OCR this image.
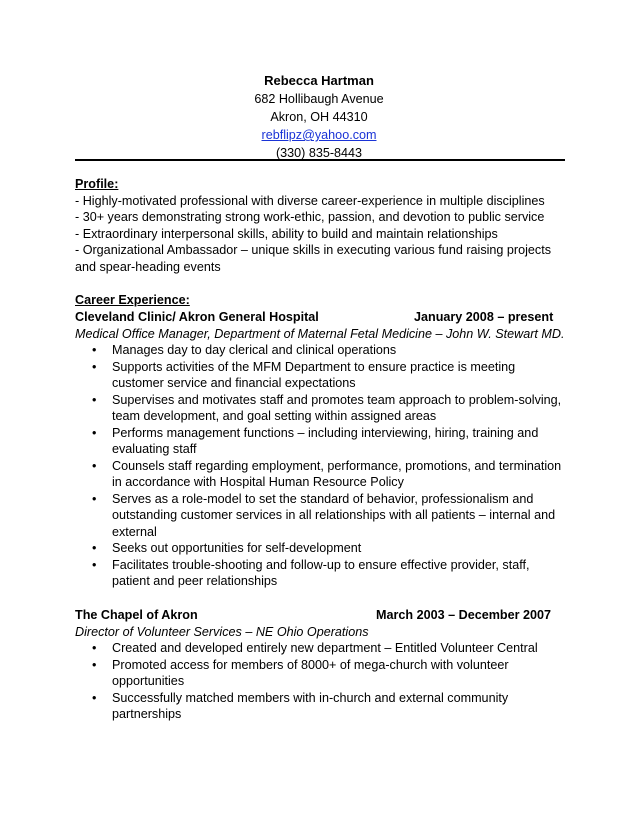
Rebecca Hartman
682 Hollibaugh Avenue
Akron, OH 44310
rebflipz@yahoo.com
(330) 835-8443
Profile:
- Highly-motivated professional with diverse career-experience in multiple disciplines
- 30+ years demonstrating strong work-ethic, passion, and devotion to public service
- Extraordinary interpersonal skills, ability to build and maintain relationships
- Organizational Ambassador – unique skills in executing various fund raising projects
and spear-heading events
Career Experience:
Cleveland Clinic/ Akron General Hospital	January 2008 – present
Medical Office Manager, Department of Maternal Fetal Medicine – John W. Stewart MD.
• Manages day to day clerical and clinical operations
• Supports activities of the MFM Department to ensure practice is meeting customer service and financial expectations
• Supervises and motivates staff and promotes team approach to problem-solving, team development, and goal setting within assigned areas
• Performs management functions – including interviewing, hiring, training and evaluating staff
• Counsels staff regarding employment, performance, promotions, and termination in accordance with Hospital Human Resource Policy
• Serves as a role-model to set the standard of behavior, professionalism and outstanding customer services in all relationships with all patients – internal and external
• Seeks out opportunities for self-development
• Facilitates trouble-shooting and follow-up to ensure effective provider, staff, patient and peer relationships
The Chapel of Akron	March 2003 – December 2007
Director of Volunteer Services – NE Ohio Operations
• Created and developed entirely new department – Entitled Volunteer Central
• Promoted access for members of 8000+ of mega-church with volunteer opportunities
• Successfully matched members with in-church and external community partnerships
